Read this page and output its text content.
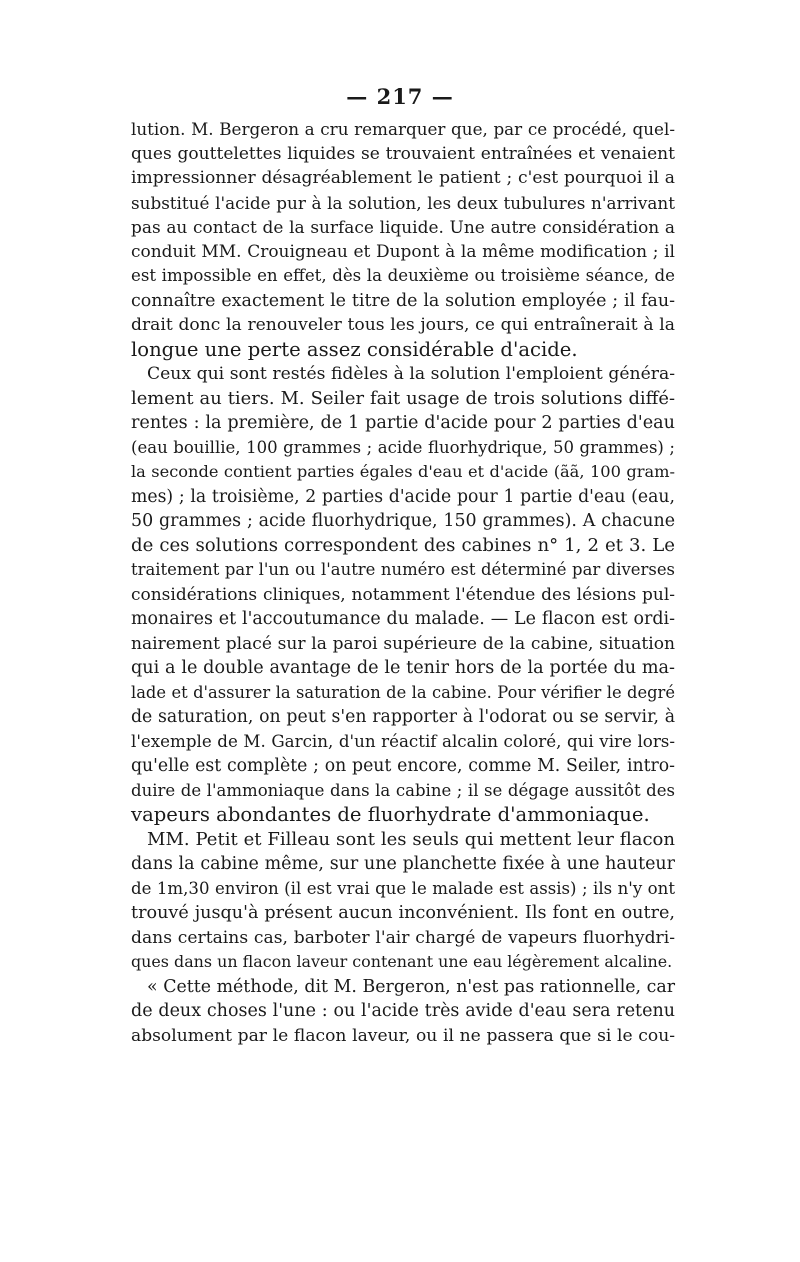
— 217 —
lution. M. Bergeron a cru remarquer que, par ce procédé, quel-
ques gouttelettes liquides se trouvaient entraînées et venaient
impressionner désagréablement le patient ; c'est pourquoi il a
substitué l'acide pur à la solution, les deux tubulures n'arrivant
pas au contact de la surface liquide. Une autre considération a
conduit MM. Crouigneau et Dupont à la même modification ; il
est impossible en effet, dès la deuxième ou troisième séance, de
connaître exactement le titre de la solution employée ; il fau-
drait donc la renouveler tous les jours, ce qui entraînerait à la
longue une perte assez considérable d'acide.
Ceux qui sont restés fidèles à la solution l'emploient généra-
lement au tiers. M. Seiler fait usage de trois solutions diffé-
rentes : la première, de 1 partie d'acide pour 2 parties d'eau
(eau bouillie, 100 grammes ; acide fluorhydrique, 50 grammes) ;
la seconde contient parties égales d'eau et d'acide (ãã, 100 gram-
mes) ; la troisième, 2 parties d'acide pour 1 partie d'eau (eau,
50 grammes ; acide fluorhydrique, 150 grammes). A chacune
de ces solutions correspondent des cabines n° 1, 2 et 3. Le
traitement par l'un ou l'autre numéro est déterminé par diverses
considérations cliniques, notamment l'étendue des lésions pul-
monaires et l'accoutumance du malade. — Le flacon est ordi-
nairement placé sur la paroi supérieure de la cabine, situation
qui a le double avantage de le tenir hors de la portée du ma-
lade et d'assurer la saturation de la cabine. Pour vérifier le degré
de saturation, on peut s'en rapporter à l'odorat ou se servir, à
l'exemple de M. Garcin, d'un réactif alcalin coloré, qui vire lors-
qu'elle est complète ; on peut encore, comme M. Seiler, intro-
duire de l'ammoniaque dans la cabine ; il se dégage aussitôt des
vapeurs abondantes de fluorhydrate d'ammoniaque.
MM. Petit et Filleau sont les seuls qui mettent leur flacon
dans la cabine même, sur une planchette fixée à une hauteur
de 1m,30 environ (il est vrai que le malade est assis) ; ils n'y ont
trouvé jusqu'à présent aucun inconvénient. Ils font en outre,
dans certains cas, barboter l'air chargé de vapeurs fluorhydri-
ques dans un flacon laveur contenant une eau légèrement alcaline.
« Cette méthode, dit M. Bergeron, n'est pas rationnelle, car
de deux choses l'une : ou l'acide très avide d'eau sera retenu
absolument par le flacon laveur, ou il ne passera que si le cou-
